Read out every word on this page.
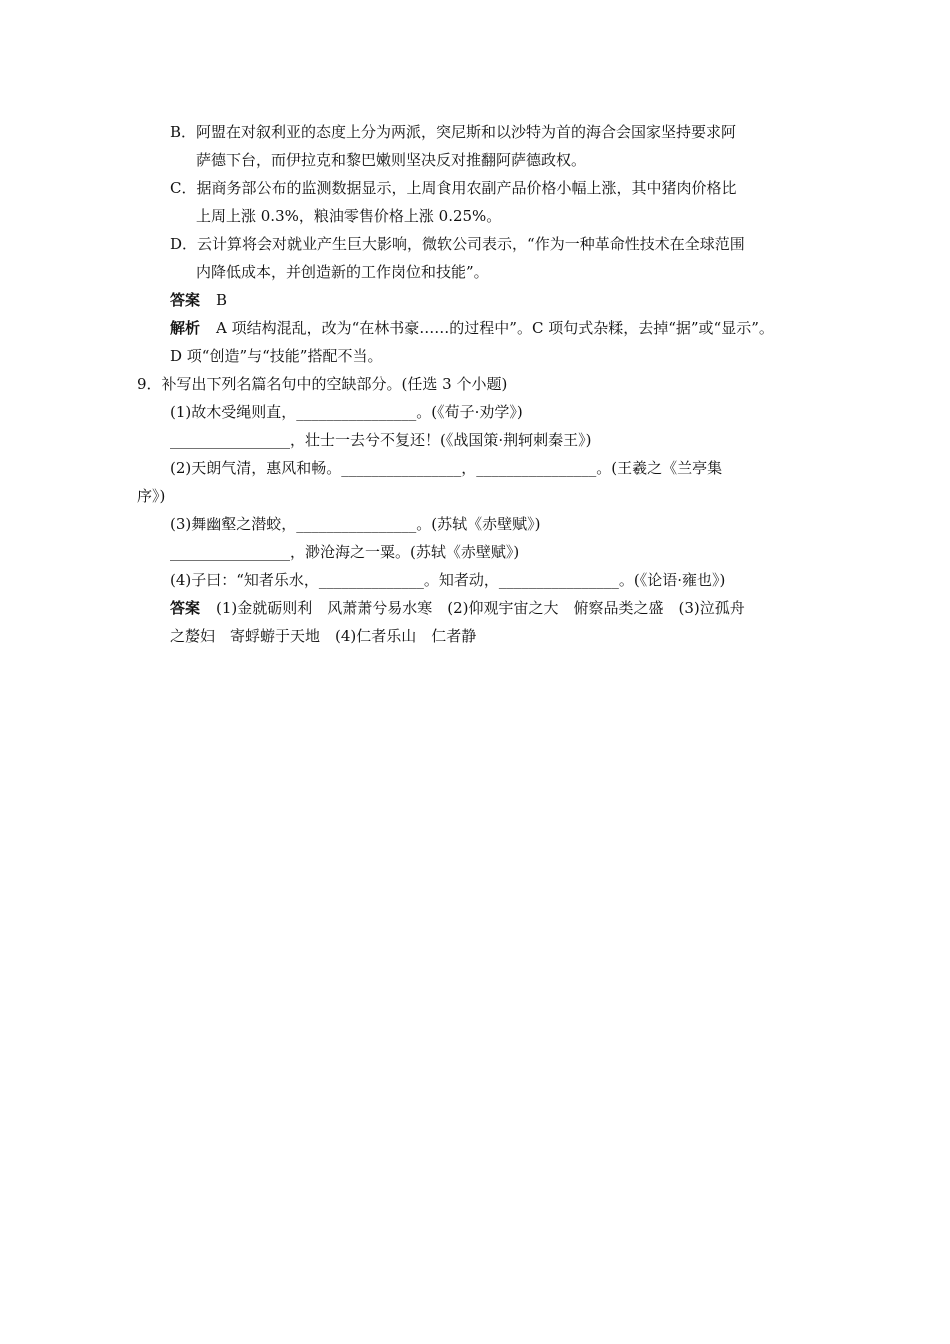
B．阿盟在对叙利亚的态度上分为两派，突尼斯和以沙特为首的海合会国家坚持要求阿
萨德下台，而伊拉克和黎巴嫩则坚决反对推翻阿萨德政权。
C．据商务部公布的监测数据显示，上周食用农副产品价格小幅上涨，其中猪肉价格比
上周上涨 0.3%，粮油零售价格上涨 0.25%。
D．云计算将会对就业产生巨大影响，微软公司表示，“作为一种革命性技术在全球范围
内降低成本，并创造新的工作岗位和技能”。
答案 B
解析 A 项结构混乱，改为“在林书豪……的过程中”。C 项句式杂糅，去掉“据”或“显示”。
D 项“创造”与“技能”搭配不当。
9．补写出下列名篇名句中的空缺部分。(任选 3 个小题)
(1)故木受绳则直，________________。(《荀子·劝学》)
________________，壮士一去兮不复还！(《战国策·荆轲刺秦王》)
(2)天朗气清，惠风和畅。________________，________________。(王羲之《兰亭集
序》)
(3)舞幽壑之潜蛟，________________。(苏轼《赤壁赋》)
________________，渺沧海之一粟。(苏轼《赤壁赋》)
(4)子曰：“知者乐水，______________。知者动，________________。(《论语·雍也》)
答案 (1)金就砺则利　风萧萧兮易水寒　(2)仰观宇宙之大　俯察品类之盛　(3)泣孤舟
之嫠妇　寄蜉蝣于天地　(4)仁者乐山　仁者静
